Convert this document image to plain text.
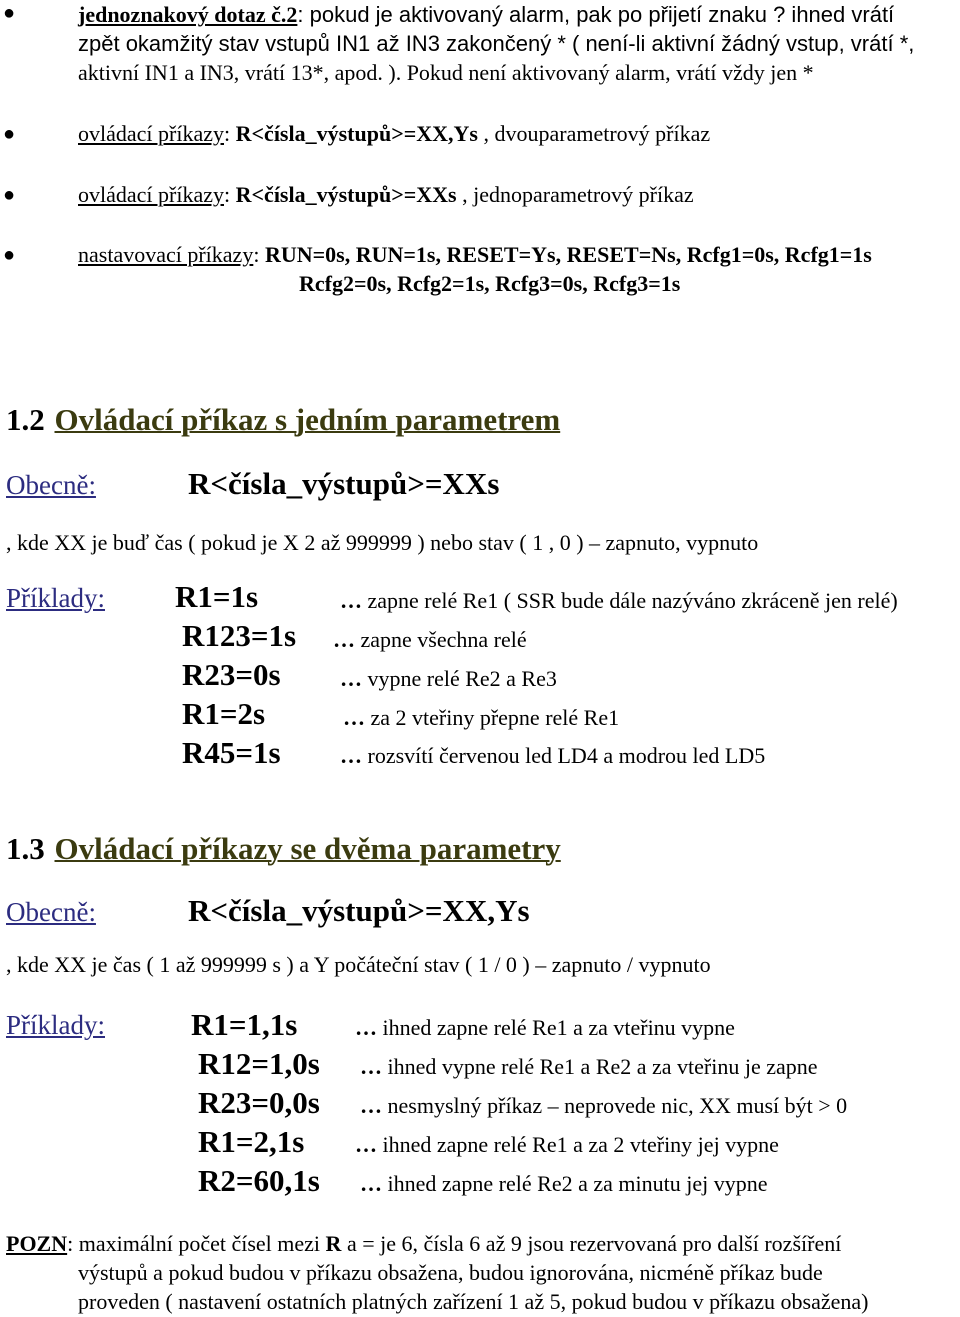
●	jednoznakový dotaz č.2: pokud je aktivovaný alarm, pak po přijetí znaku ? ihned vrátí
zpět okamžitý stav vstupů IN1 až IN3 zakončený * ( není-li aktivní žádný vstup, vrátí *,
aktivní IN1 a IN3, vrátí 13*, apod. ). Pokud není aktivovaný alarm, vrátí vždy jen *
●	ovládací příkazy: R<čísla_výstupů>=XX,Ys , dvouparametrový příkaz
●	ovládací příkazy: R<čísla_výstupů>=XXs , jednoparametrový příkaz
●	nastavovací příkazy: RUN=0s, RUN=1s, RESET=Ys, RESET=Ns, Rcfg1=0s, Rcfg1=1s
Rcfg2=0s, Rcfg2=1s, Rcfg3=0s, Rcfg3=1s
1.2 Ovládací příkaz s jedním parametrem
Obecně:	R<čísla_výstupů>=XXs
, kde XX je buď čas ( pokud je X 2 až 999999 ) nebo stav ( 1 , 0 ) – zapnuto, vypnuto
Příklady: R1=1s	… zapne relé Re1 ( SSR bude dále nazýváno zkráceně jen relé)
R123=1s … zapne všechna relé
R23=0s	… vypne relé Re2 a Re3
R1=2s	… za 2 vteřiny přepne relé Re1
R45=1s	… rozsvítí červenou led LD4 a modrou led LD5
1.3 Ovládací příkazy se dvěma parametry
Obecně:	R<čísla_výstupů>=XX,Ys
, kde XX je čas ( 1 až 999999 s ) a Y počáteční stav ( 1 / 0 ) – zapnuto / vypnuto
Příklady:	R1=1,1s	… ihned zapne relé Re1 a za vteřinu vypne
R12=1,0s … ihned vypne relé Re1 a Re2 a za vteřinu je zapne
R23=0,0s … nesmyslný příkaz – neprovede nic, XX musí být > 0
R1=2,1s … ihned zapne relé Re1 a za 2 vteřiny jej vypne
R2=60,1s … ihned zapne relé Re2 a za minutu jej vypne
POZN: maximální počet čísel mezi R a = je 6, čísla 6 až 9 jsou rezervovaná pro další rozšíření
výstupů a pokud budou v příkazu obsažena, budou ignorována, nicméně příkaz bude
proveden ( nastavení ostatních platných zařízení 1 až 5, pokud budou v příkazu obsažena)
